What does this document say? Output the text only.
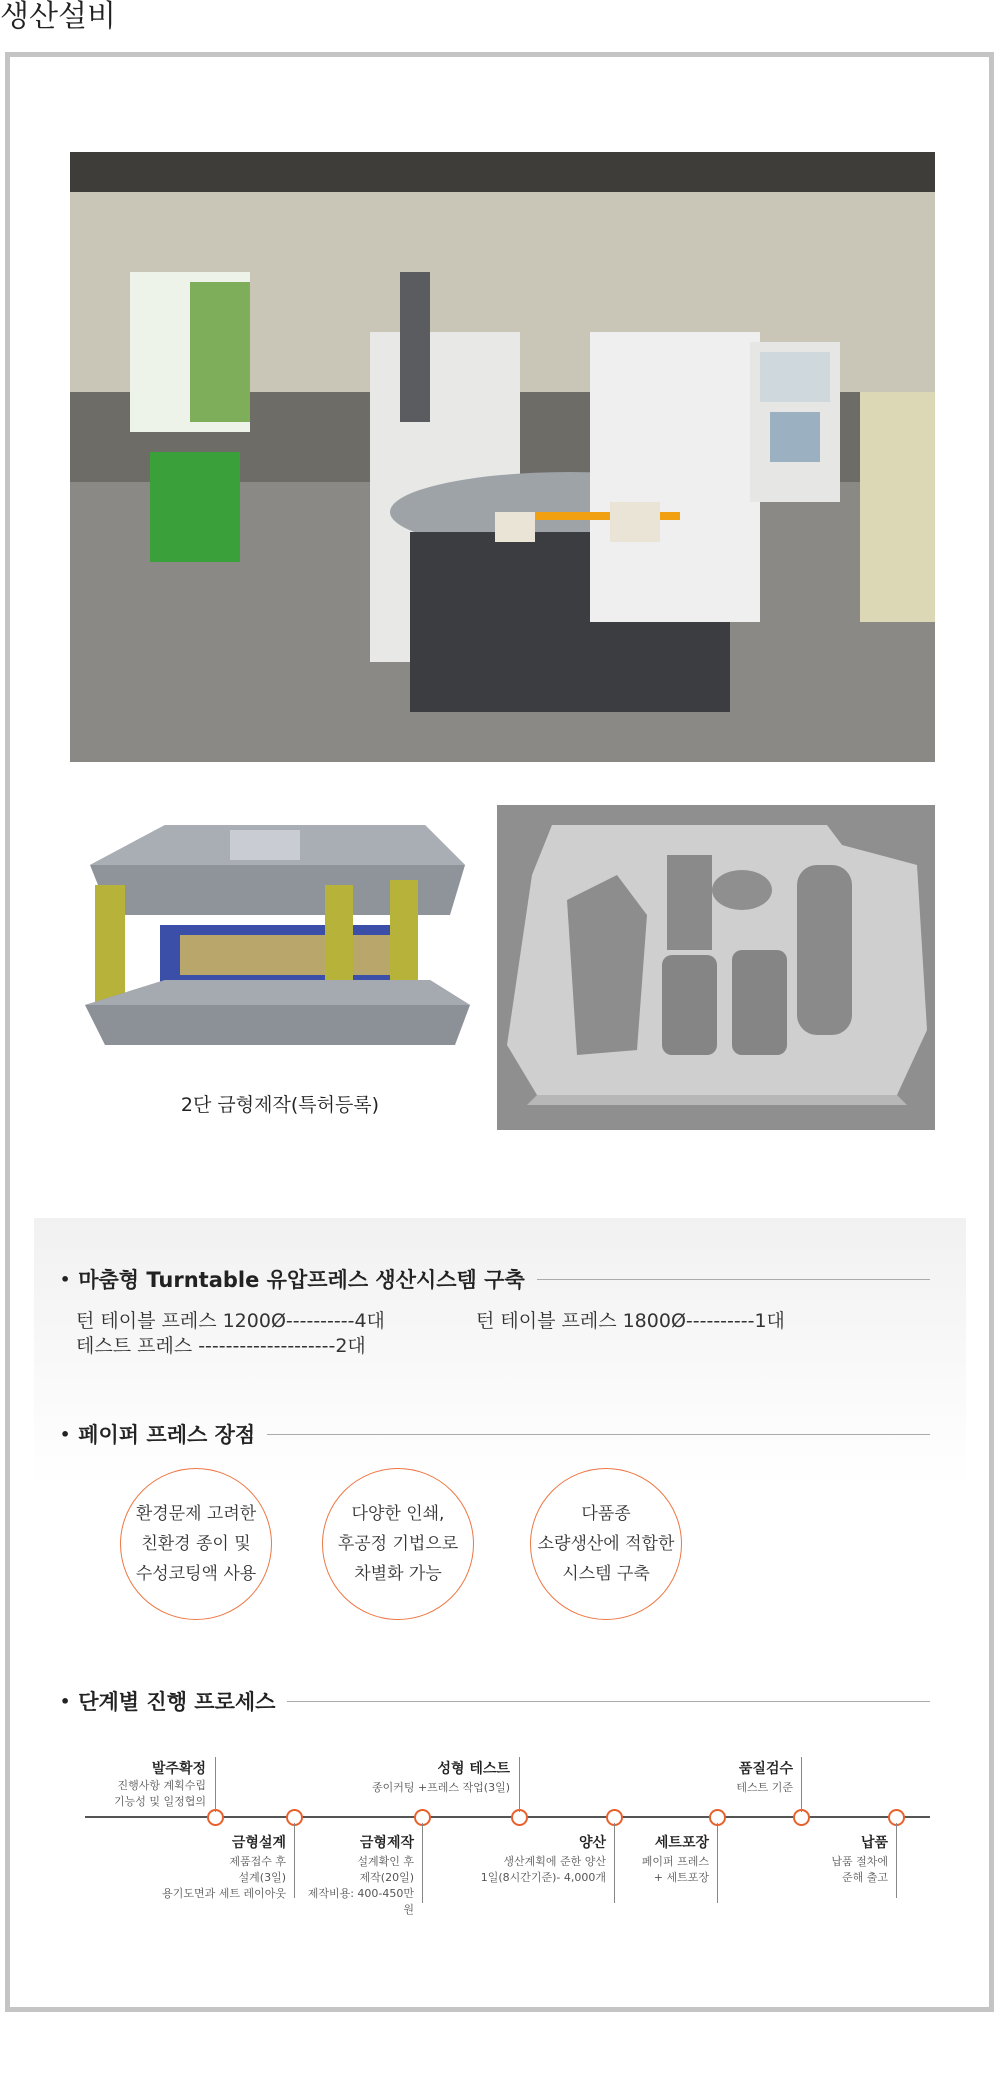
생산설비
2단 금형제작(특허등록)
• 마춤형 Turntable 유압프레스 생산시스템 구축
턴 테이블 프레스 1200Ø----------4대	턴 테이블 프레스 1800Ø----------1대
테스트 프레스 --------------------2대
• 페이퍼 프레스 장점
환경문제 고려한
친환경 종이 및
수성코팅액 사용
다양한 인쇄,
후공정 기법으로
차별화 가능
다품종
소량생산에 적합한
시스템 구축
• 단계별 진행 프로세스
발주확정
진행사항 계획수립
기능성 및 일정협의
성형 테스트
종이커팅 +프레스 작업(3일)
품질검수
테스트 기준
금형설계
제품접수 후
설계(3일)
용기도면과 세트 레이아웃
금형제작
설계확인 후
제작(20일)
제작비용: 400-450만원
양산
생산계획에 준한 양산
1일(8시간기준)- 4,000개
세트포장
페이퍼 프레스
+ 세트포장
납품
납품 절차에
준해 출고
